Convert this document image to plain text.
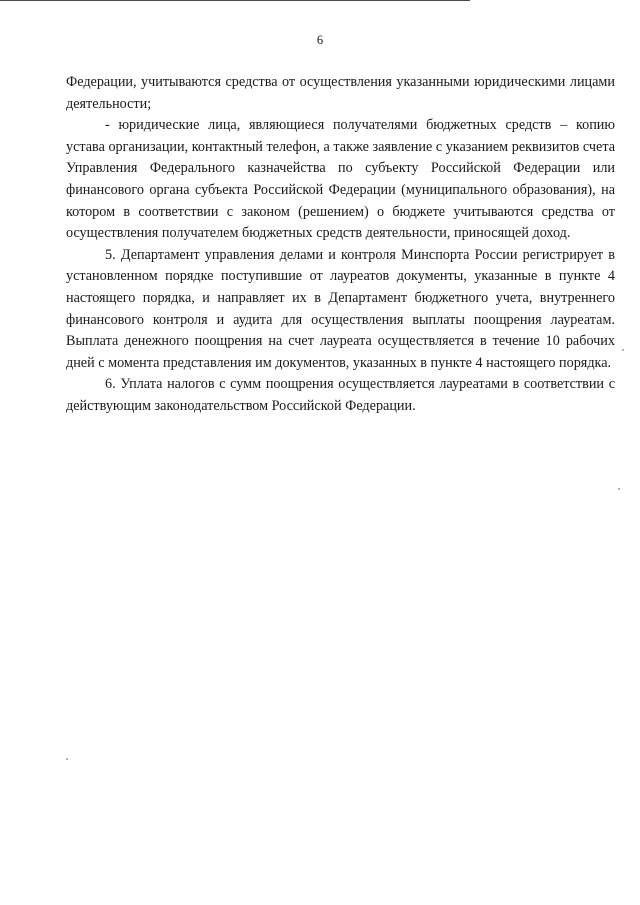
6

Федерации, учитываются средства от осуществления указанными юридическими лицами деятельности;

- юридические лица, являющиеся получателями бюджетных средств – копию устава организации, контактный телефон, а также заявление с указанием реквизитов счета Управления Федерального казначейства по субъекту Российской Федерации или финансового органа субъекта Российской Федерации (муниципального образования), на котором в соответствии с законом (решением) о бюджете учитываются средства от осуществления получателем бюджетных средств деятельности, приносящей доход.

5. Департамент управления делами и контроля Минспорта России регистрирует в установленном порядке поступившие от лауреатов документы, указанные в пункте 4 настоящего порядка, и направляет их в Департамент бюджетного учета, внутреннего финансового контроля и аудита для осуществления выплаты поощрения лауреатам. Выплата денежного поощрения на счет лауреата осуществляется в течение 10 рабочих дней с момента представления им документов, указанных в пункте 4 настоящего порядка.

6. Уплата налогов с сумм поощрения осуществляется лауреатами в соответствии с действующим законодательством Российской Федерации.
